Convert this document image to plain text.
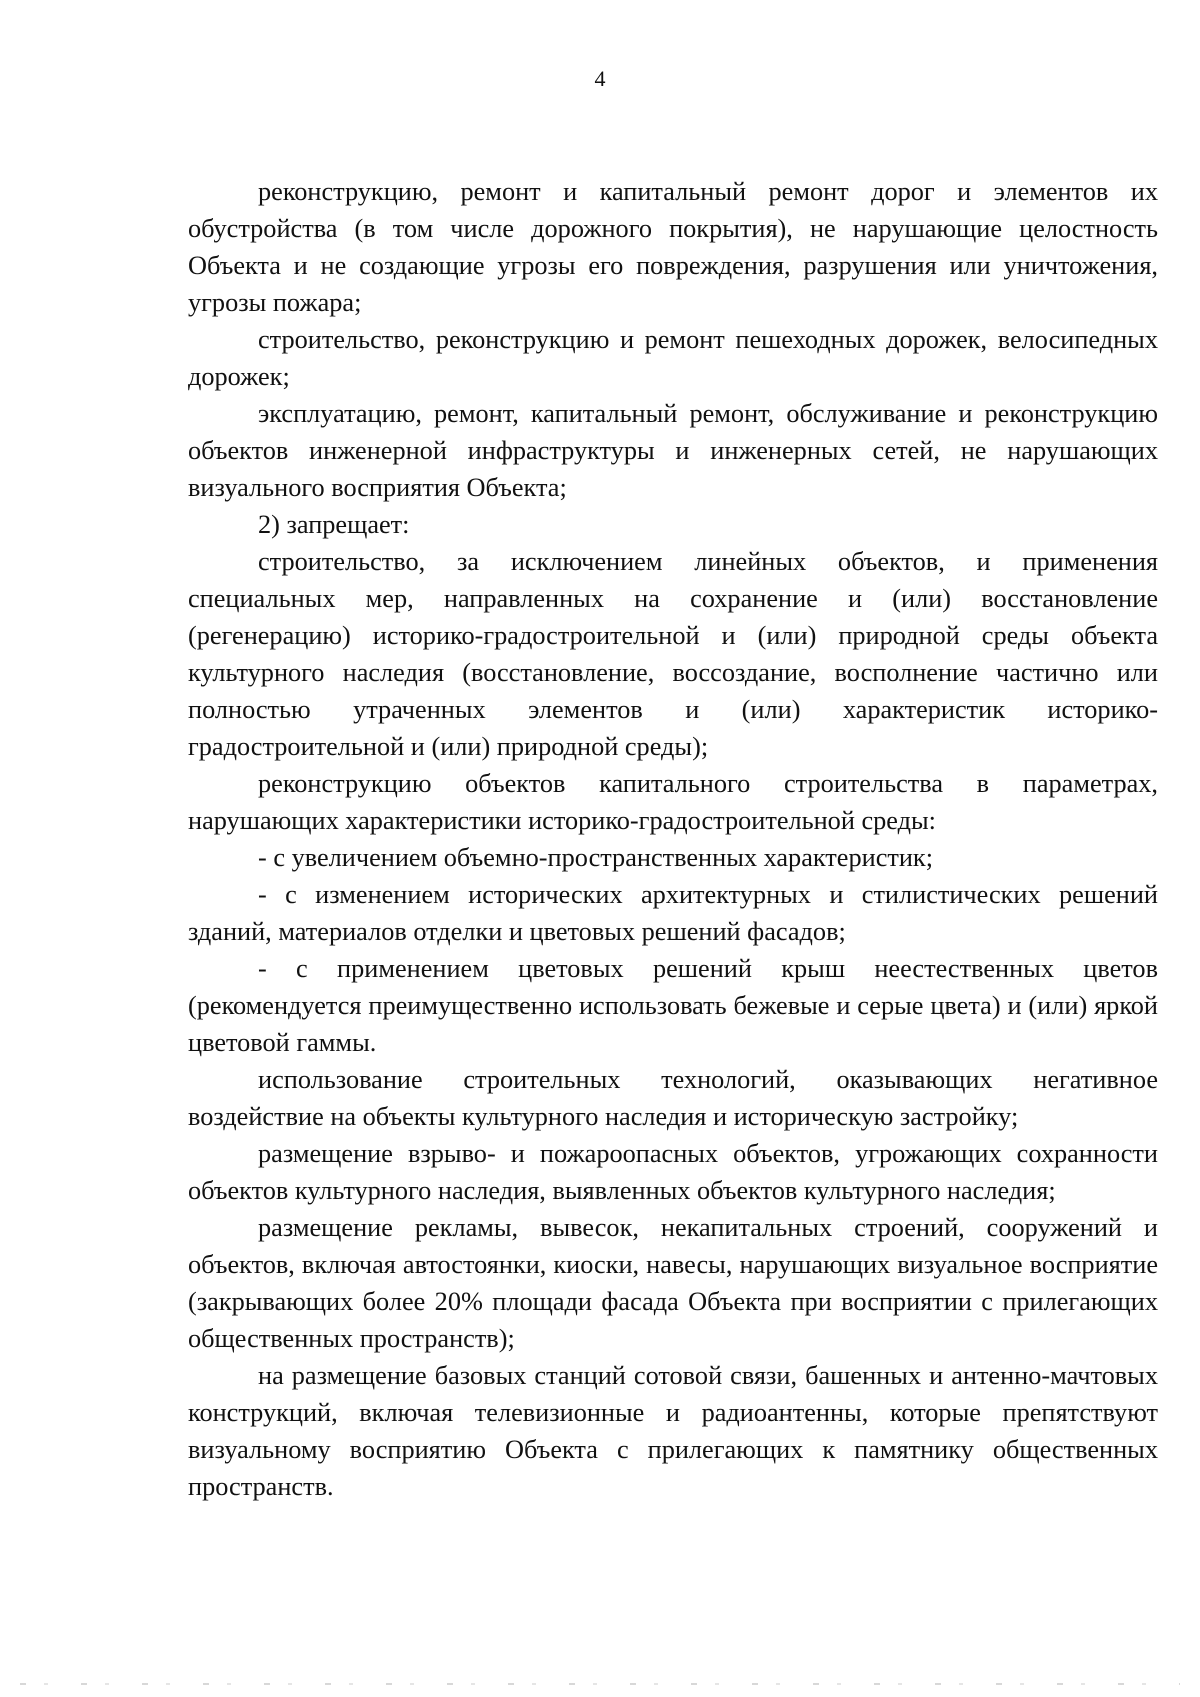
4

реконструкцию, ремонт и капитальный ремонт дорог и элементов их обустройства (в том числе дорожного покрытия), не нарушающие целостность Объекта и не создающие угрозы его повреждения, разрушения или уничтожения, угрозы пожара;

строительство, реконструкцию и ремонт пешеходных дорожек, велосипедных дорожек;

эксплуатацию, ремонт, капитальный ремонт, обслуживание и реконструкцию объектов инженерной инфраструктуры и инженерных сетей, не нарушающих визуального восприятия Объекта;

2) запрещает:

строительство, за исключением линейных объектов, и применения специальных мер, направленных на сохранение и (или) восстановление (регенерацию) историко-градостроительной и (или) природной среды объекта культурного наследия (восстановление, воссоздание, восполнение частично или полностью утраченных элементов и (или) характеристик историко-градостроительной и (или) природной среды);

реконструкцию объектов капитального строительства в параметрах, нарушающих характеристики историко-градостроительной среды:

- с увеличением объемно-пространственных характеристик;

- с изменением исторических архитектурных и стилистических решений зданий, материалов отделки и цветовых решений фасадов;

- с применением цветовых решений крыш неестественных цветов (рекомендуется преимущественно использовать бежевые и серые цвета) и (или) яркой цветовой гаммы.

использование строительных технологий, оказывающих негативное воздействие на объекты культурного наследия и историческую застройку;

размещение взрыво- и пожароопасных объектов, угрожающих сохранности объектов культурного наследия, выявленных объектов культурного наследия;

размещение рекламы, вывесок, некапитальных строений, сооружений и объектов, включая автостоянки, киоски, навесы, нарушающих визуальное восприятие (закрывающих более 20% площади фасада Объекта при восприятии с прилегающих общественных пространств);

на размещение базовых станций сотовой связи, башенных и антенно-мачтовых конструкций, включая телевизионные и радиоантенны, которые препятствуют визуальному восприятию Объекта с прилегающих к памятнику общественных пространств.
